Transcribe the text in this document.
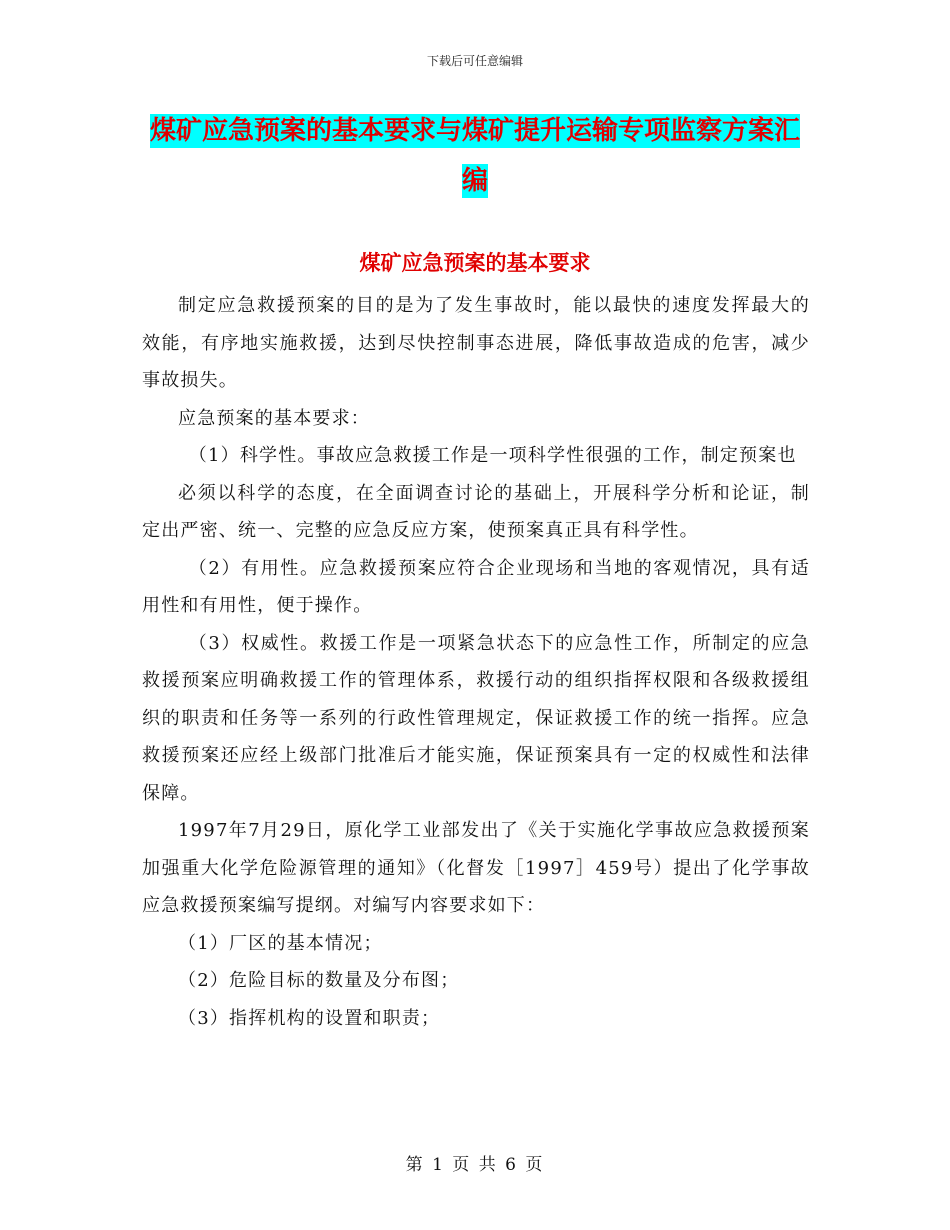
下载后可任意编辑
煤矿应急预案的基本要求与煤矿提升运输专项监察方案汇编
煤矿应急预案的基本要求

制定应急救援预案的目的是为了发生事故时，能以最快的速度发挥最大的效能，有序地实施救援，达到尽快控制事态进展，降低事故造成的危害，减少事故损失。

应急预案的基本要求：

（1）科学性。事故应急救援工作是一项科学性很强的工作，制定预案也

必须以科学的态度，在全面调查讨论的基础上，开展科学分析和论证，制定出严密、统一、完整的应急反应方案，使预案真正具有科学性。

（2）有用性。应急救援预案应符合企业现场和当地的客观情况，具有适用性和有用性，便于操作。

（3）权威性。救援工作是一项紧急状态下的应急性工作，所制定的应急救援预案应明确救援工作的管理体系，救援行动的组织指挥权限和各级救援组织的职责和任务等一系列的行政性管理规定，保证救援工作的统一指挥。应急救援预案还应经上级部门批准后才能实施，保证预案具有一定的权威性和法律保障。

1997年7月29日，原化学工业部发出了《关于实施化学事故应急救援预案加强重大化学危险源管理的通知》（化督发［1997］459号）提出了化学事故应急救援预案编写提纲。对编写内容要求如下：

（1）厂区的基本情况；

（2）危险目标的数量及分布图；

（3）指挥机构的设置和职责；

第 1 页 共 6 页
